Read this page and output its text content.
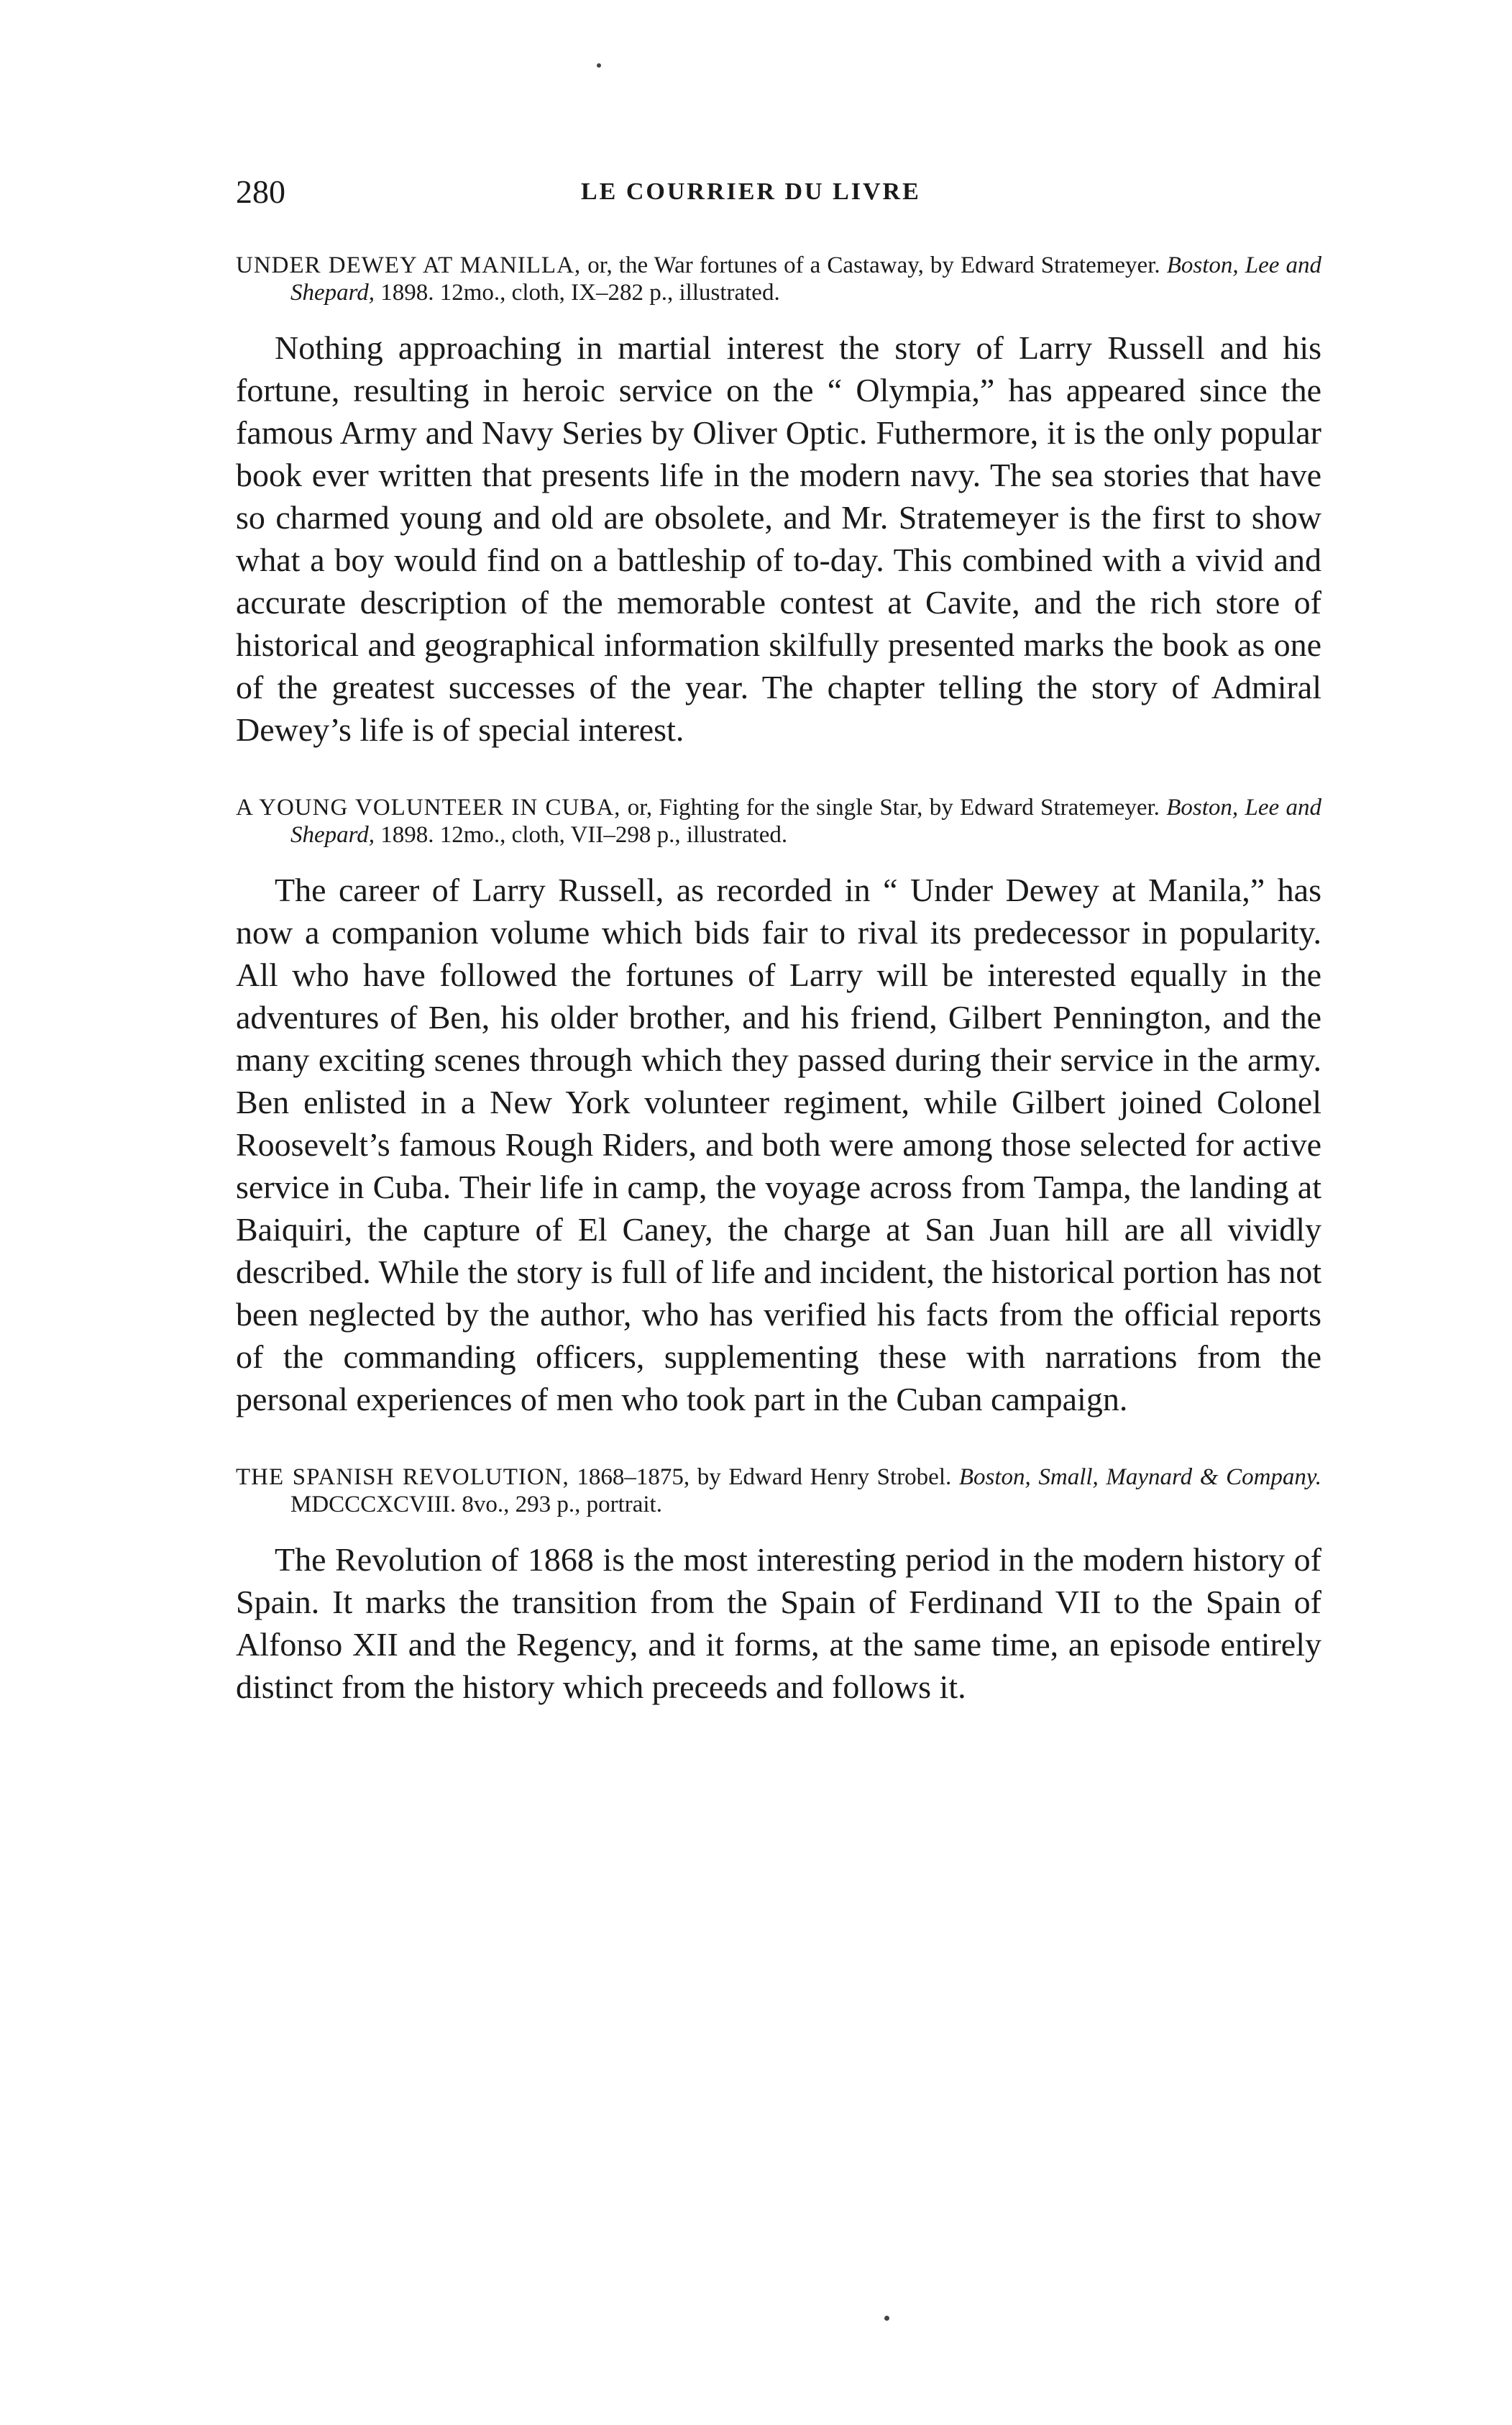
280	LE COURRIER DU LIVRE

UNDER DEWEY AT MANILLA, or, the War fortunes of a Castaway, by Edward Stratemeyer. Boston, Lee and Shepard, 1898. 12mo., cloth, IX–282 p., illustrated.

Nothing approaching in martial interest the story of Larry Russell and his fortune, resulting in heroic service on the “ Olympia,” has appeared since the famous Army and Navy Series by Oliver Optic. Futhermore, it is the only popular book ever written that presents life in the modern navy. The sea stories that have so charmed young and old are obsolete, and Mr. Stratemeyer is the first to show what a boy would find on a battleship of to-day. This combined with a vivid and accurate description of the memorable contest at Cavite, and the rich store of historical and geographical information skilfully presented marks the book as one of the greatest successes of the year. The chapter telling the story of Admiral Dewey’s life is of special interest.

A YOUNG VOLUNTEER IN CUBA, or, Fighting for the single Star, by Edward Stratemeyer. Boston, Lee and Shepard, 1898. 12mo., cloth, VII–298 p., illustrated.

The career of Larry Russell, as recorded in “ Under Dewey at Manila,” has now a companion volume which bids fair to rival its predecessor in popularity. All who have followed the fortunes of Larry will be interested equally in the adventures of Ben, his older brother, and his friend, Gilbert Pennington, and the many exciting scenes through which they passed during their service in the army. Ben enlisted in a New York volunteer regiment, while Gilbert joined Colonel Roosevelt’s famous Rough Riders, and both were among those selected for active service in Cuba. Their life in camp, the voyage across from Tampa, the landing at Baiquiri, the capture of El Caney, the charge at San Juan hill are all vividly described. While the story is full of life and incident, the historical portion has not been neglected by the author, who has verified his facts from the official reports of the commanding officers, supplementing these with narrations from the personal experiences of men who took part in the Cuban campaign.

THE SPANISH REVOLUTION, 1868–1875, by Edward Henry Strobel. Boston, Small, Maynard & Company. MDCCCXCVIII. 8vo., 293 p., portrait.

The Revolution of 1868 is the most interesting period in the modern history of Spain. It marks the transition from the Spain of Ferdinand VII to the Spain of Alfonso XII and the Regency, and it forms, at the same time, an episode entirely distinct from the history which preceeds and follows it.
